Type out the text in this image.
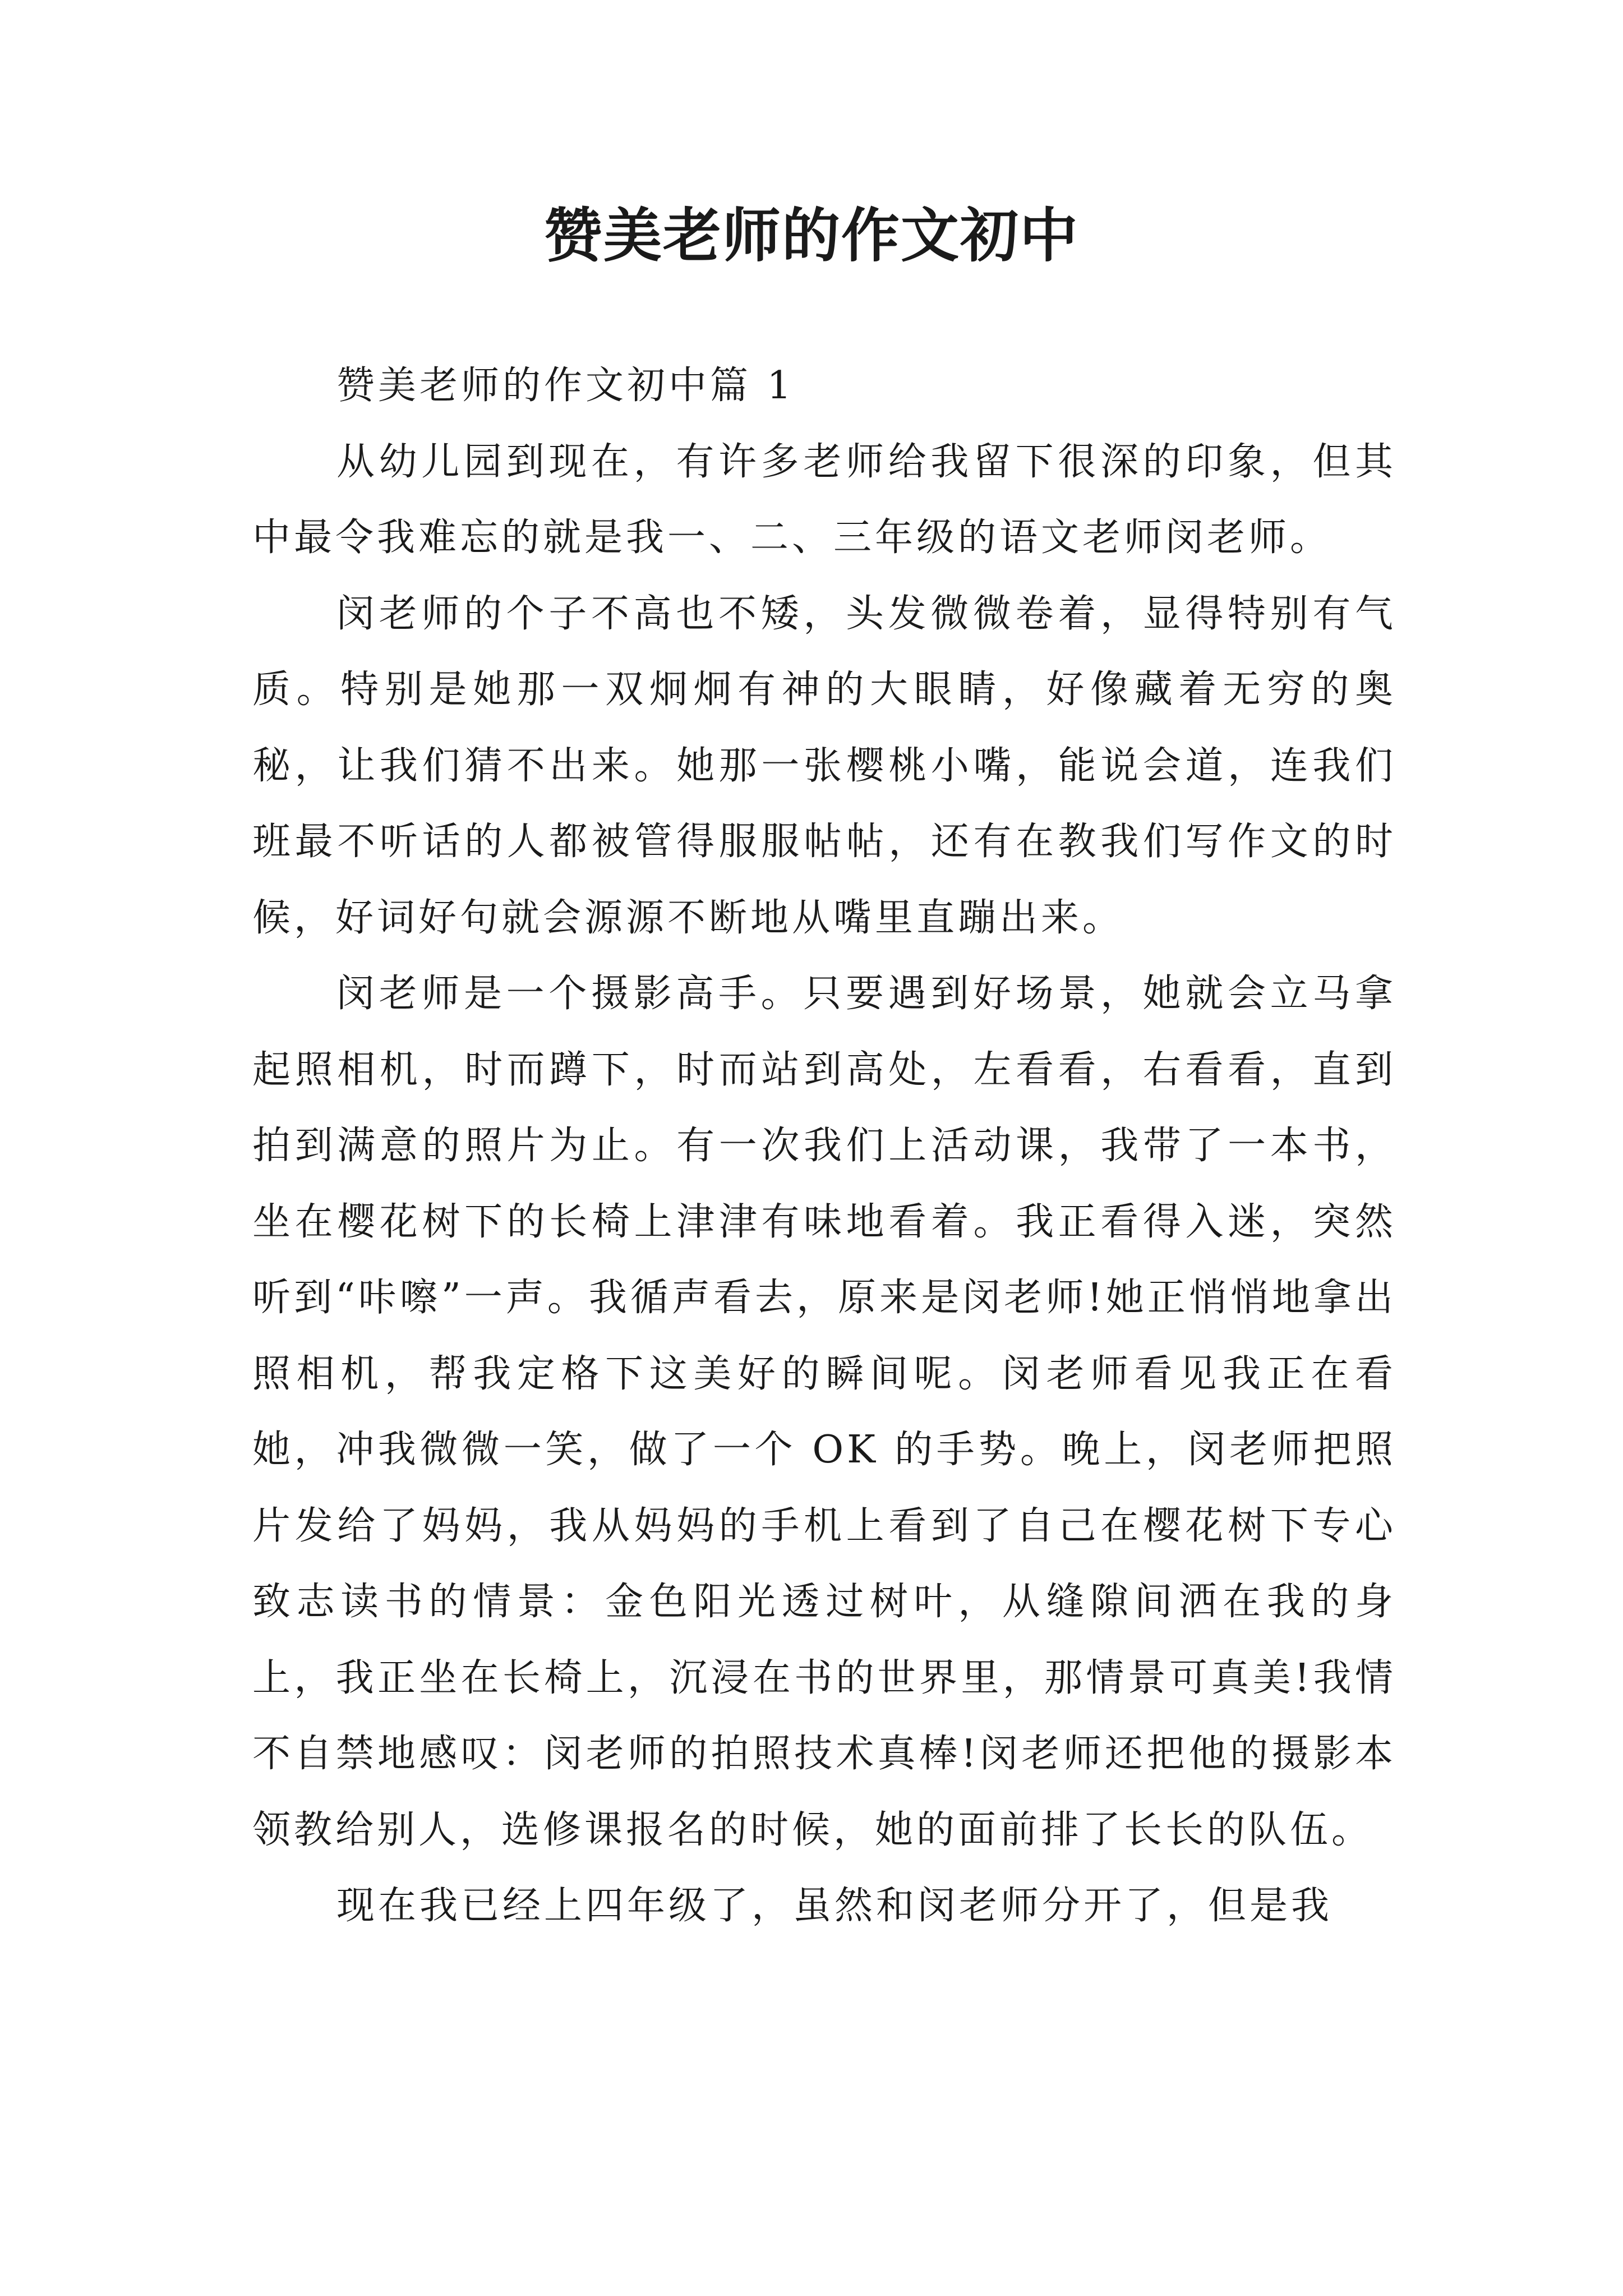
赞美老师的作文初中

赞美老师的作文初中篇 1

从幼儿园到现在，有许多老师给我留下很深的印象，但其中最令我难忘的就是我一、二、三年级的语文老师闵老师。

闵老师的个子不高也不矮，头发微微卷着，显得特别有气质。特别是她那一双炯炯有神的大眼睛，好像藏着无穷的奥秘，让我们猜不出来。她那一张樱桃小嘴，能说会道，连我们班最不听话的人都被管得服服帖帖，还有在教我们写作文的时候，好词好句就会源源不断地从嘴里直蹦出来。

闵老师是一个摄影高手。只要遇到好场景，她就会立马拿起照相机，时而蹲下，时而站到高处，左看看，右看看，直到拍到满意的照片为止。有一次我们上活动课，我带了一本书，坐在樱花树下的长椅上津津有味地看着。我正看得入迷，突然听到“咔嚓”一声。我循声看去，原来是闵老师!她正悄悄地拿出照相机，帮我定格下这美好的瞬间呢。闵老师看见我正在看她，冲我微微一笑，做了一个 OK 的手势。晚上，闵老师把照片发给了妈妈，我从妈妈的手机上看到了自己在樱花树下专心致志读书的情景：金色阳光透过树叶，从缝隙间洒在我的身上，我正坐在长椅上，沉浸在书的世界里，那情景可真美!我情不自禁地感叹：闵老师的拍照技术真棒!闵老师还把他的摄影本领教给别人，选修课报名的时候，她的面前排了长长的队伍。

现在我已经上四年级了，虽然和闵老师分开了，但是我
